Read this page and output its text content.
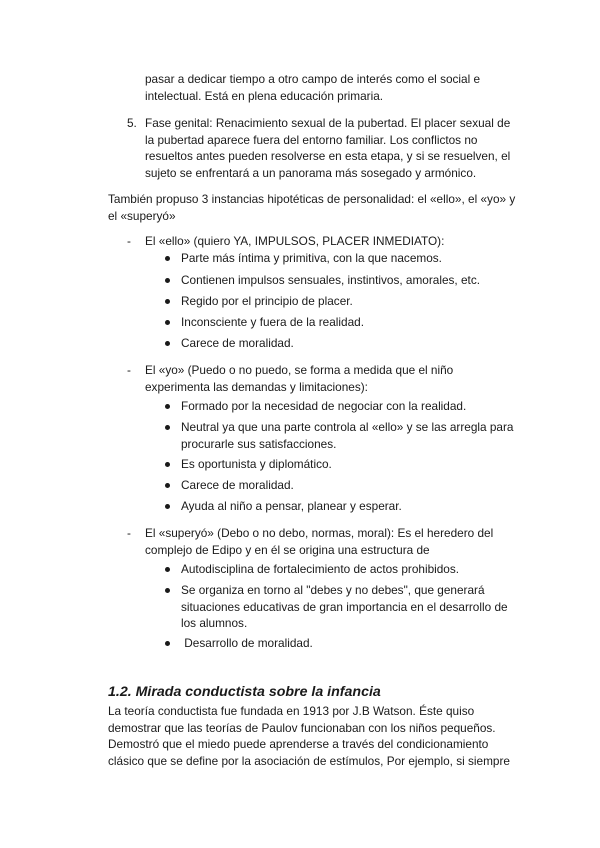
pasar a dedicar tiempo a otro campo de interés como el social e

intelectual. Está en plena educación primaria.

5. Fase genital: Renacimiento sexual de la pubertad. El placer sexual de

la pubertad aparece fuera del entorno familiar. Los conflictos no

resueltos antes pueden resolverse en esta etapa, y si se resuelven, el

sujeto se enfrentará a un panorama más sosegado y armónico.

También propuso 3 instancias hipotéticas de personalidad: el «ello», el «yo» y

el «superyó»

- El «ello» (quiero YA, IMPULSOS, PLACER INMEDIATO):

Parte más íntima y primitiva, con la que nacemos.

Contienen impulsos sensuales, instintivos, amorales, etc.

Regido por el principio de placer.

Inconsciente y fuera de la realidad.

Carece de moralidad.

- El «yo» (Puedo o no puedo, se forma a medida que el niño

experimenta las demandas y limitaciones):

Formado por la necesidad de negociar con la realidad.

Neutral ya que una parte controla al «ello» y se las arregla para

procurarle sus satisfacciones.

Es oportunista y diplomático.

Carece de moralidad.

Ayuda al niño a pensar, planear y esperar.

- El «superyó» (Debo o no debo, normas, moral): Es el heredero del

complejo de Edipo y en él se origina una estructura de

Autodisciplina de fortalecimiento de actos prohibidos.

Se organiza en torno al "debes y no debes", que generará

situaciones educativas de gran importancia en el desarrollo de

los alumnos.

Desarrollo de moralidad.

1.2. Mirada conductista sobre la infancia

La teoría conductista fue fundada en 1913 por J.B Watson. Éste quiso

demostrar que las teorías de Paulov funcionaban con los niños pequeños.

Demostró que el miedo puede aprenderse a través del condicionamiento

clásico que se define por la asociación de estímulos, Por ejemplo, si siempre
